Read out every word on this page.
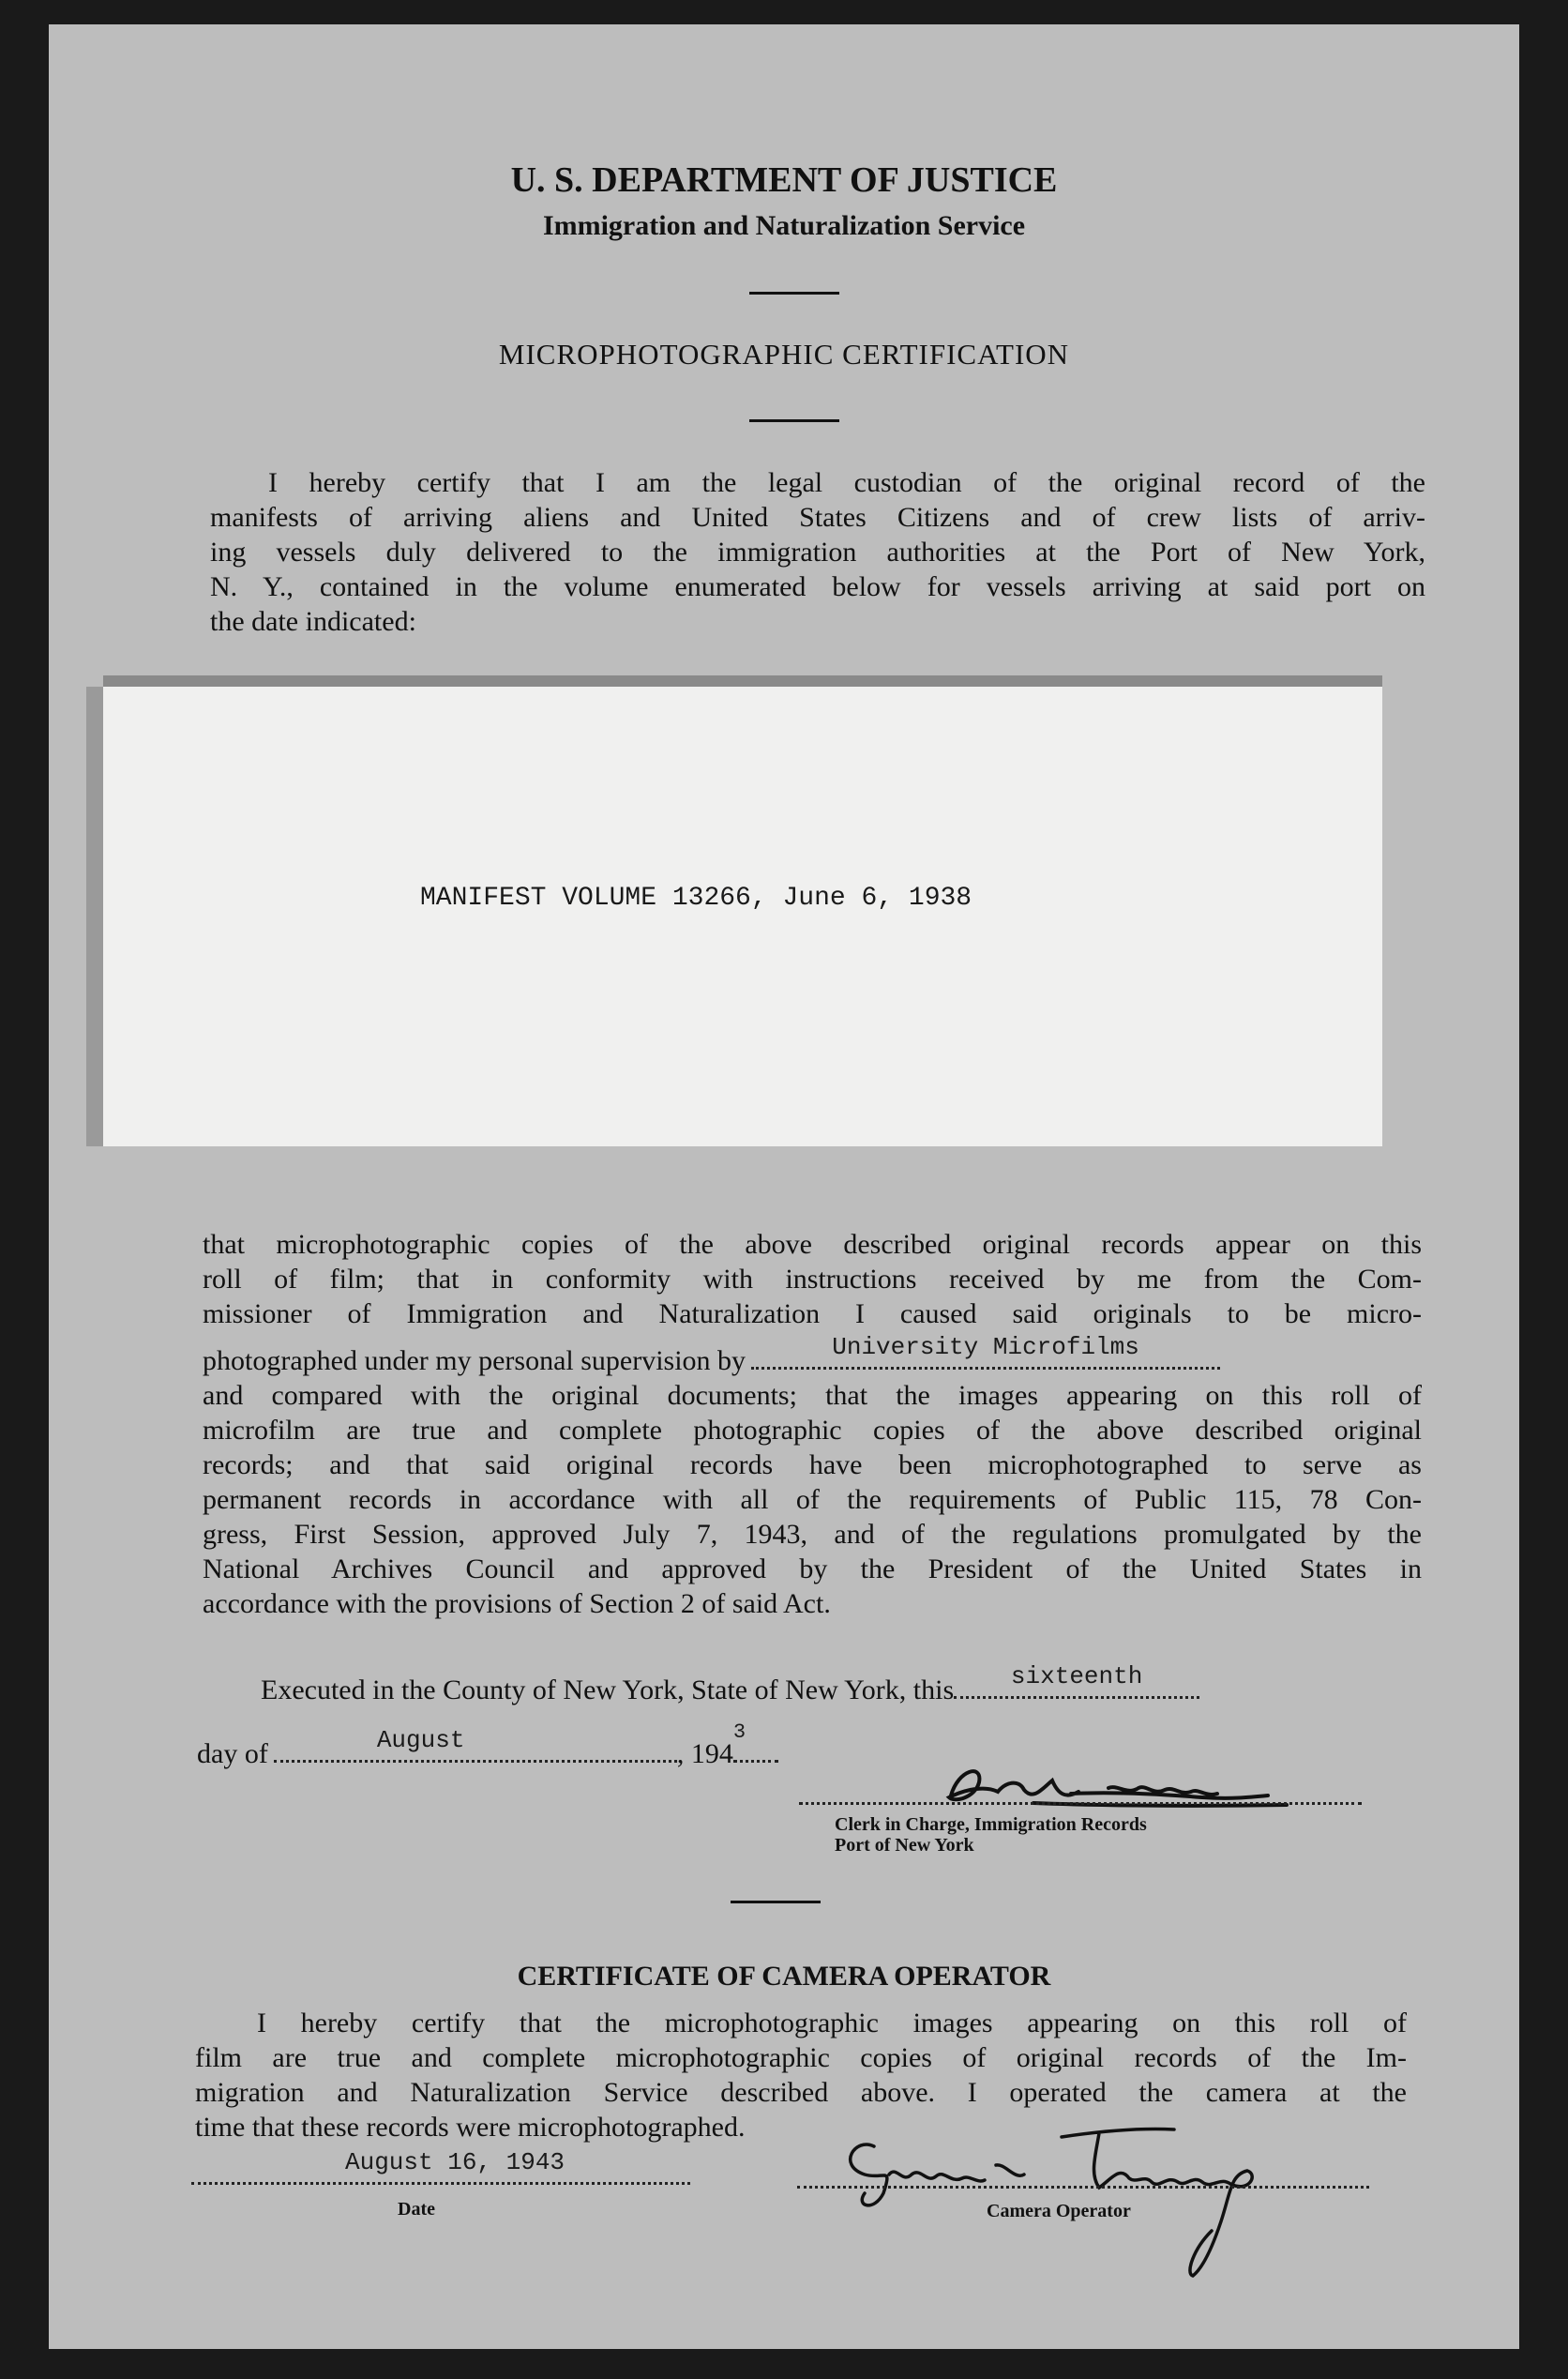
U. S. DEPARTMENT OF JUSTICE
Immigration and Naturalization Service
MICROPHOTOGRAPHIC CERTIFICATION
I hereby certify that I am the legal custodian of the original record of the
manifests of arriving aliens and United States Citizens and of crew lists of arriv-
ing vessels duly delivered to the immigration authorities at the Port of New York,
N. Y., contained in the volume enumerated below for vessels arriving at said port on
the date indicated:
MANIFEST VOLUME 13266, June 6, 1938
that microphotographic copies of the above described original records appear on this
roll of film; that in conformity with instructions received by me from the Com-
missioner of Immigration and Naturalization I caused said originals to be micro-
photographed under my personal supervision by	University Microfilms
and compared with the original documents; that the images appearing on this roll of
microfilm are true and complete photographic copies of the above described original
records; and that said original records have been microphotographed to serve as
permanent records in accordance with all of the requirements of Public 115, 78 Con-
gress, First Session, approved July 7, 1943, and of the regulations promulgated by the
National Archives Council and approved by the President of the United States in
accordance with the provisions of Section 2 of said Act.
Executed in the County of New York, State of New York, this	sixteenth
day of	August	, 194
3
Clerk in Charge, Immigration Records
Port of New York
CERTIFICATE OF CAMERA OPERATOR
I hereby certify that the microphotographic images appearing on this roll of
film are true and complete microphotographic copies of original records of the Im-
migration and Naturalization Service described above. I operated the camera at the
time that these records were microphotographed.
August 16, 1943
Date	Camera Operator
